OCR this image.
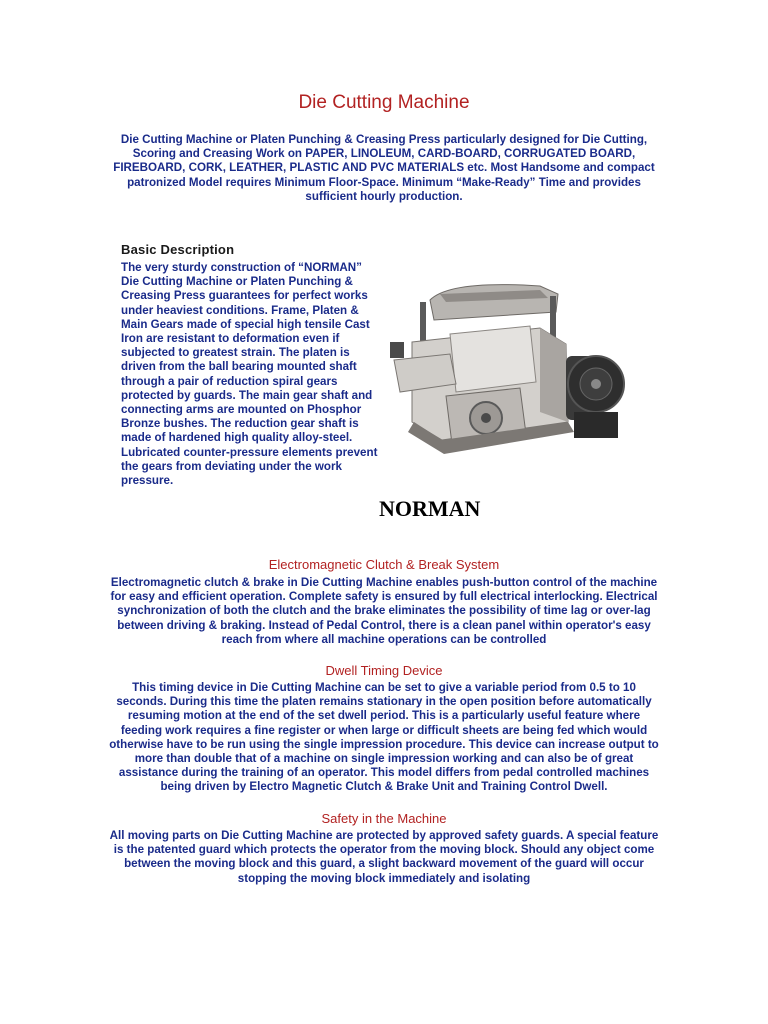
Die Cutting Machine

Die Cutting Machine or Platen Punching & Creasing Press particularly designed for Die Cutting, Scoring and Creasing Work on PAPER, LINOLEUM, CARD-BOARD, CORRUGATED BOARD, FIREBOARD, CORK, LEATHER, PLASTIC AND PVC MATERIALS etc. Most Handsome and compact patronized Model requires Minimum Floor-Space. Minimum “Make-Ready” Time and provides sufficient hourly production.

Basic Description

The very sturdy construction of “NORMAN” Die Cutting Machine or Platen Punching & Creasing Press guarantees for perfect works under heaviest conditions. Frame, Platen & Main Gears made of special high tensile Cast Iron are resistant to deformation even if subjected to greatest strain. The platen is driven from the ball bearing mounted shaft through a pair of reduction spiral gears protected by guards. The main gear shaft and connecting arms are mounted on Phosphor Bronze bushes. The reduction gear shaft is made of hardened high quality alloy-steel. Lubricated counter-pressure elements prevent the gears from deviating under the work pressure.

NORMAN

Electromagnetic Clutch & Break System

Electromagnetic clutch & brake in Die Cutting Machine enables push-button control of the machine for easy and efficient operation. Complete safety is ensured by full electrical interlocking. Electrical synchronization of both the clutch and the brake eliminates the possibility of time lag or over-lag between driving & braking. Instead of Pedal Control, there is a clean panel within operator's easy reach from where all machine operations can be controlled

Dwell Timing Device

This timing device in Die Cutting Machine can be set to give a variable period from 0.5 to 10 seconds. During this time the platen remains stationary in the open position before automatically resuming motion at the end of the set dwell period. This is a particularly useful feature where feeding work requires a fine register or when large or difficult sheets are being fed which would otherwise have to be run using the single impression procedure. This device can increase output to more than double that of a machine on single impression working and can also be of great assistance during the training of an operator. This model differs from pedal controlled machines being driven by Electro Magnetic Clutch & Brake Unit and Training Control Dwell.

Safety in the Machine

All moving parts on Die Cutting Machine are protected by approved safety guards. A special feature is the patented guard which protects the operator from the moving block. Should any object come between the moving block and this guard, a slight backward movement of the guard will occur stopping the moving block immediately and isolating
